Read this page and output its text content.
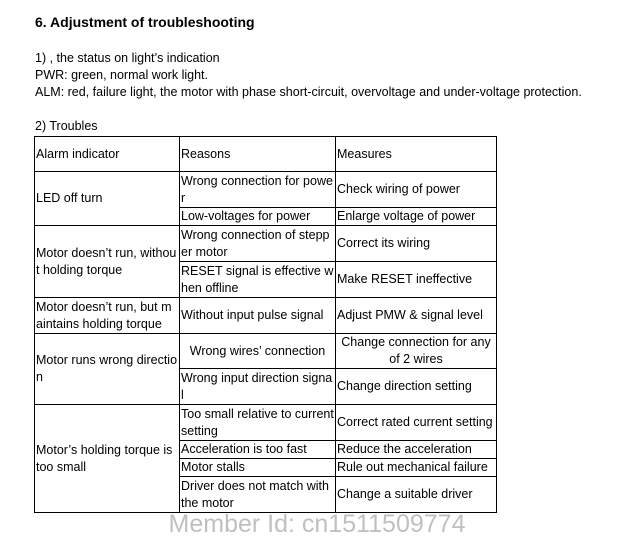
6. Adjustment of troubleshooting
1) , the status on light’s indication
PWR: green, normal work light.
ALM: red, failure light, the motor with phase short-circuit, overvoltage and under-voltage protection.
2) Troubles
Alarm indicator	Reasons	Measures
LED off turn	Wrong connection for power	Check wiring of power
	Low-voltages for power	Enlarge voltage of power
Motor doesn’t run, without holding torque	Wrong connection of stepper motor	Correct its wiring
	RESET signal is effective when offline	Make RESET ineffective
Motor doesn’t run, but maintains holding torque	Without input pulse signal	Adjust PMW & signal level
Motor runs wrong direction	Wrong wires’ connection	Change connection for any of 2 wires
	Wrong input direction signal	Change direction setting
Motor’s holding torque is too small	Too small relative to current setting	Correct rated current setting
	Acceleration is too fast	Reduce the acceleration
	Motor stalls	Rule out mechanical failure
	Driver does not match with the motor	Change a suitable driver
Member Id: cn1511509774
